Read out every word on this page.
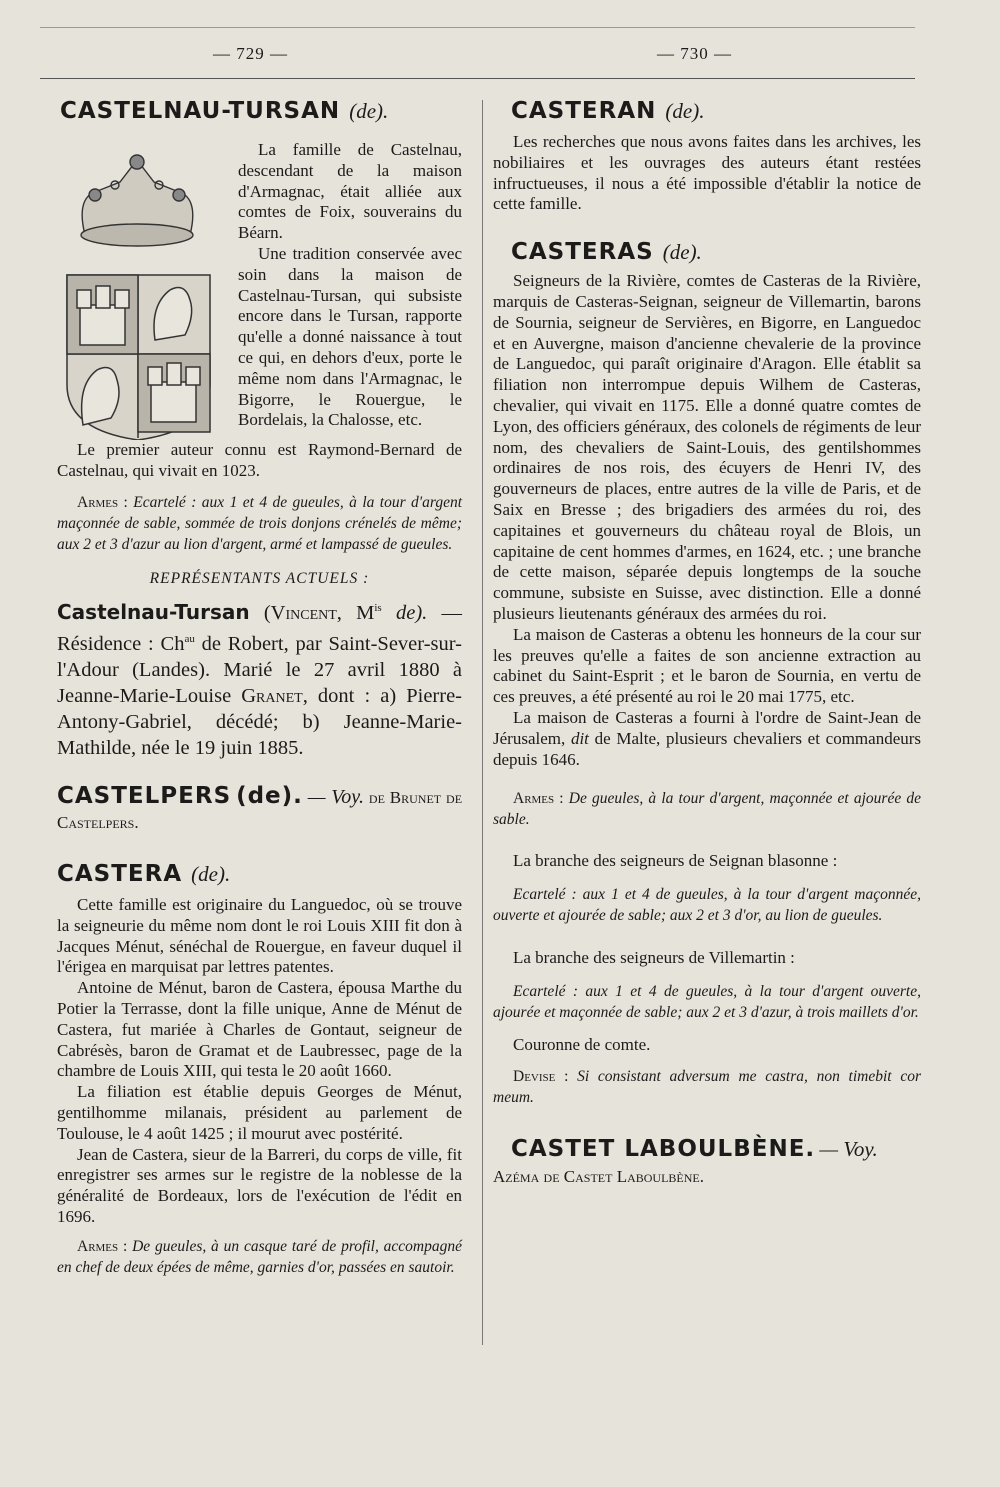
— 729 —	— 730 —
CASTELNAU-TURSAN (de).

La famille de Castelnau, descendant de la maison d'Armagnac, était alliée aux comtes de Foix, souverains du Béarn.

Une tradition conservée avec soin dans la maison de Castelnau-Tursan, qui subsiste encore dans le Tursan, rapporte qu'elle a donné naissance à tout ce qui, en dehors d'eux, porte le même nom dans l'Armagnac, le Bigorre, le Rouergue, le Bordelais, la Chalosse, etc.

Le premier auteur connu est Raymond-Bernard de Castelnau, qui vivait en 1023.

Armes : Ecartelé : aux 1 et 4 de gueules, à la tour d'argent maçonnée de sable, sommée de trois donjons crénelés de même; aux 2 et 3 d'azur au lion d'argent, armé et lampassé de gueules.

REPRÉSENTANTS ACTUELS :

Castelnau-Tursan (Vincent, $M^{is}$ de). — Résidence : $Ch^{au}$ de Robert, par Saint-Sever-sur-l'Adour (Landes). Marié le 27 avril 1880 à Jeanne-Marie-Louise Granet, dont : a) Pierre-Antony-Gabriel, décédé; b) Jeanne-Marie-Mathilde, née le 19 juin 1885.

CASTELPERS (de). — Voy. de Brunet de Castelpers.

CASTERA (de).

Cette famille est originaire du Languedoc, où se trouve la seigneurie du même nom dont le roi Louis XIII fit don à Jacques Ménut, sénéchal de Rouergue, en faveur duquel il l'érigea en marquisat par lettres patentes.

Antoine de Ménut, baron de Castera, épousa Marthe du Potier la Terrasse, dont la fille unique, Anne de Ménut de Castera, fut mariée à Charles de Gontaut, seigneur de Cabrésès, baron de Gramat et de Laubressec, page de la chambre de Louis XIII, qui testa le 20 août 1660.

La filiation est établie depuis Georges de Ménut, gentilhomme milanais, président au parlement de Toulouse, le 4 août 1425 ; il mourut avec postérité.

Jean de Castera, sieur de la Barreri, du corps de ville, fit enregistrer ses armes sur le registre de la noblesse de la généralité de Bordeaux, lors de l'exécution de l'édit en 1696.

Armes : De gueules, à un casque taré de profil, accompagné en chef de deux épées de même, garnies d'or, passées en sautoir.

CASTERAN (de).

Les recherches que nous avons faites dans les archives, les nobiliaires et les ouvrages des auteurs étant restées infructueuses, il nous a été impossible d'établir la notice de cette famille.

CASTERAS (de).

Seigneurs de la Rivière, comtes de Casteras de la Rivière, marquis de Casteras-Seignan, seigneur de Villemartin, barons de Sournia, seigneur de Servières, en Bigorre, en Languedoc et en Auvergne, maison d'ancienne chevalerie de la province de Languedoc, qui paraît originaire d'Aragon. Elle établit sa filiation non interrompue depuis Wilhem de Casteras, chevalier, qui vivait en 1175. Elle a donné quatre comtes de Lyon, des officiers généraux, des colonels de régiments de leur nom, des chevaliers de Saint-Louis, des gentilshommes ordinaires de nos rois, des écuyers de Henri IV, des gouverneurs de places, entre autres de la ville de Paris, et de Saix en Bresse ; des brigadiers des armées du roi, des capitaines et gouverneurs du château royal de Blois, un capitaine de cent hommes d'armes, en 1624, etc. ; une branche de cette maison, séparée depuis longtemps de la souche commune, subsiste en Suisse, avec distinction. Elle a donné plusieurs lieutenants généraux des armées du roi.

La maison de Casteras a obtenu les honneurs de la cour sur les preuves qu'elle a faites de son ancienne extraction au cabinet du Saint-Esprit ; et le baron de Sournia, en vertu de ces preuves, a été présenté au roi le 20 mai 1775, etc.

La maison de Casteras a fourni à l'ordre de Saint-Jean de Jérusalem, dit de Malte, plusieurs chevaliers et commandeurs depuis 1646.

Armes : De gueules, à la tour d'argent, maçonnée et ajourée de sable.

La branche des seigneurs de Seignan blasonne :

Ecartelé : aux 1 et 4 de gueules, à la tour d'argent maçonnée, ouverte et ajourée de sable; aux 2 et 3 d'or, au lion de gueules.

La branche des seigneurs de Villemartin :

Ecartelé : aux 1 et 4 de gueules, à la tour d'argent ouverte, ajourée et maçonnée de sable; aux 2 et 3 d'azur, à trois maillets d'or.

Couronne de comte.

Devise : Si consistant adversum me castra, non timebit cor meum.

CASTET LABOULBÈNE. — Voy.
Azéma de Castet Laboulbène.
